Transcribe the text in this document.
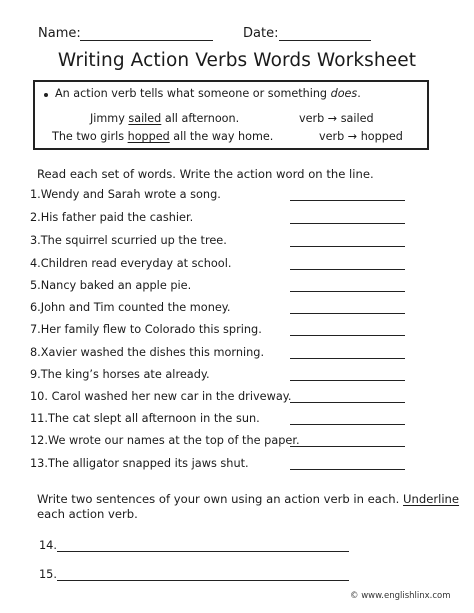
Name:	Date:
Writing Action Verbs Words Worksheet
An action verb tells what someone or something does.
Jimmy sailed all afternoon.	verb → sailed
The two girls hopped all the way home.	verb → hopped
Read each set of words. Write the action word on the line.
1.Wendy and Sarah wrote a song.
2.His father paid the cashier.
3.The squirrel scurried up the tree.
4.Children read everyday at school.
5.Nancy baked an apple pie.
6.John and Tim counted the money.
7.Her family flew to Colorado this spring.
8.Xavier washed the dishes this morning.
9.The king’s horses ate already.
10. Carol washed her new car in the driveway.
11.The cat slept all afternoon in the sun.
12.We wrote our names at the top of the paper.
13.The alligator snapped its jaws shut.
Write two sentences of your own using an action verb in each. Underline
each action verb.
14.
15.
© www.englishlinx.com
